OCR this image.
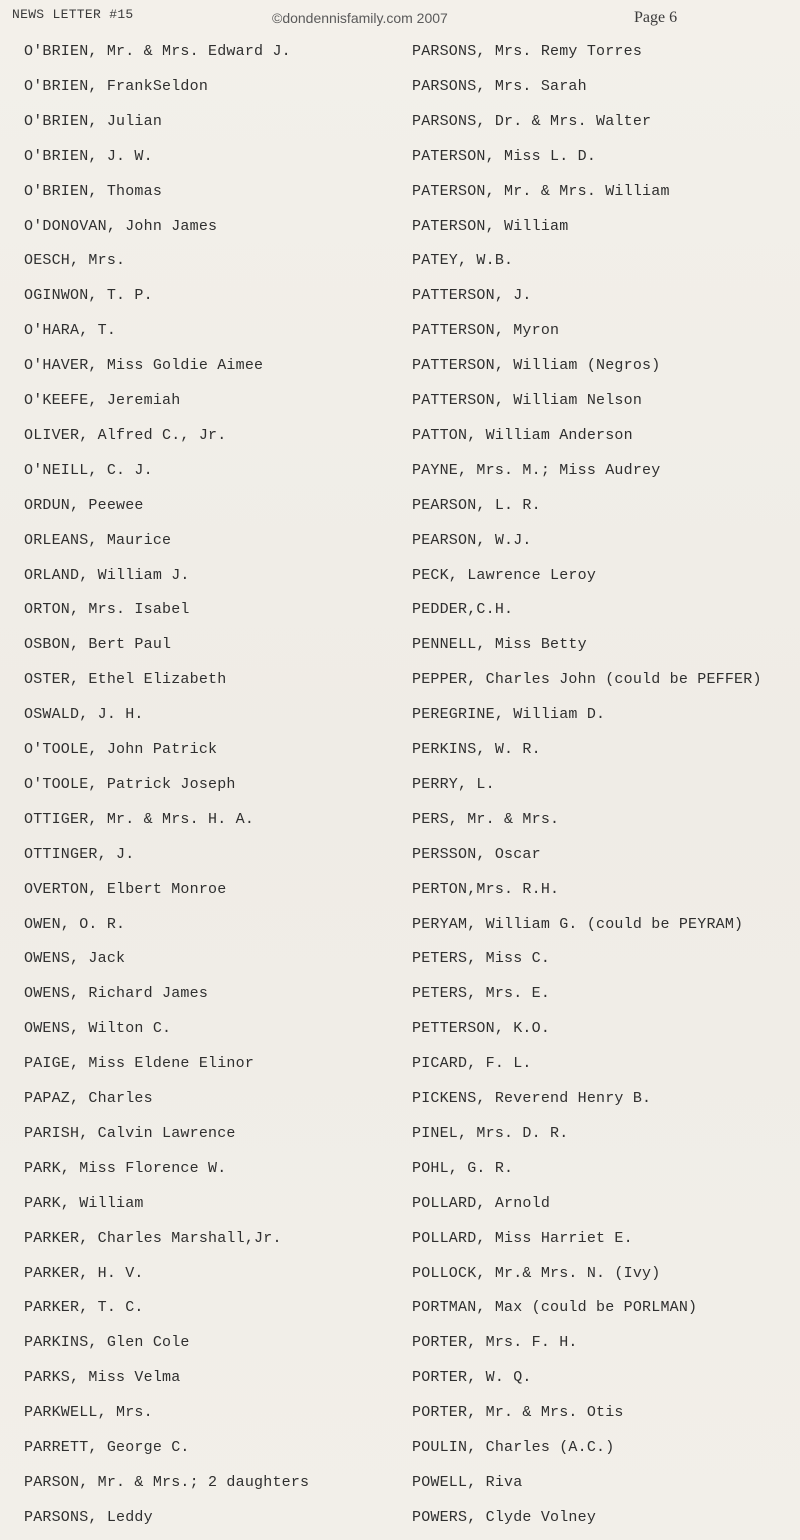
NEWS LETTER #15	©dondennisfamily.com 2007	Page 6
O'BRIEN, Mr. & Mrs. Edward J.
O'BRIEN, FrankSeldon
O'BRIEN, Julian
O'BRIEN, J. W.
O'BRIEN, Thomas
O'DONOVAN, John James
OESCH, Mrs.
OGINWON, T. P.
O'HARA, T.
O'HAVER, Miss Goldie Aimee
O'KEEFE, Jeremiah
OLIVER, Alfred C., Jr.
O'NEILL, C. J.
ORDUN, Peewee
ORLEANS, Maurice
ORLAND, William J.
ORTON, Mrs. Isabel
OSBON, Bert Paul
OSTER, Ethel Elizabeth
OSWALD, J. H.
O'TOOLE, John Patrick
O'TOOLE, Patrick Joseph
OTTIGER, Mr. & Mrs. H. A.
OTTINGER, J.
OVERTON, Elbert Monroe
OWEN, O. R.
OWENS, Jack
OWENS, Richard James
OWENS, Wilton C.
PAIGE, Miss Eldene Elinor
PAPAZ, Charles
PARISH, Calvin Lawrence
PARK, Miss Florence W.
PARK, William
PARKER, Charles Marshall,Jr.
PARKER, H. V.
PARKER, T. C.
PARKINS, Glen Cole
PARKS, Miss Velma
PARKWELL, Mrs.
PARRETT, George C.
PARSON, Mr. & Mrs.; 2 daughters
PARSONS, Leddy
PARSONS, Mrs. Remy Torres
PARSONS, Mrs. Sarah
PARSONS, Dr. & Mrs. Walter
PATERSON, Miss L. D.
PATERSON, Mr. & Mrs. William
PATERSON, William
PATEY, W.B.
PATTERSON, J.
PATTERSON, Myron
PATTERSON, William (Negros)
PATTERSON, William Nelson
PATTON, William Anderson
PAYNE, Mrs. M.; Miss Audrey
PEARSON, L. R.
PEARSON, W.J.
PECK, Lawrence Leroy
PEDDER,C.H.
PENNELL, Miss Betty
PEPPER, Charles John (could be PEFFER)
PEREGRINE, William D.
PERKINS, W. R.
PERRY, L.
PERS, Mr. & Mrs.
PERSSON, Oscar
PERTON,Mrs. R.H.
PERYAM, William G. (could be PEYRAM)
PETERS, Miss C.
PETERS, Mrs. E.
PETTERSON, K.O.
PICARD, F. L.
PICKENS, Reverend Henry B.
PINEL, Mrs. D. R.
POHL, G. R.
POLLARD, Arnold
POLLARD, Miss Harriet E.
POLLOCK, Mr.& Mrs. N. (Ivy)
PORTMAN, Max (could be PORLMAN)
PORTER, Mrs. F. H.
PORTER, W. Q.
PORTER, Mr. & Mrs. Otis
POULIN, Charles (A.C.)
POWELL, Riva
POWERS, Clyde Volney
